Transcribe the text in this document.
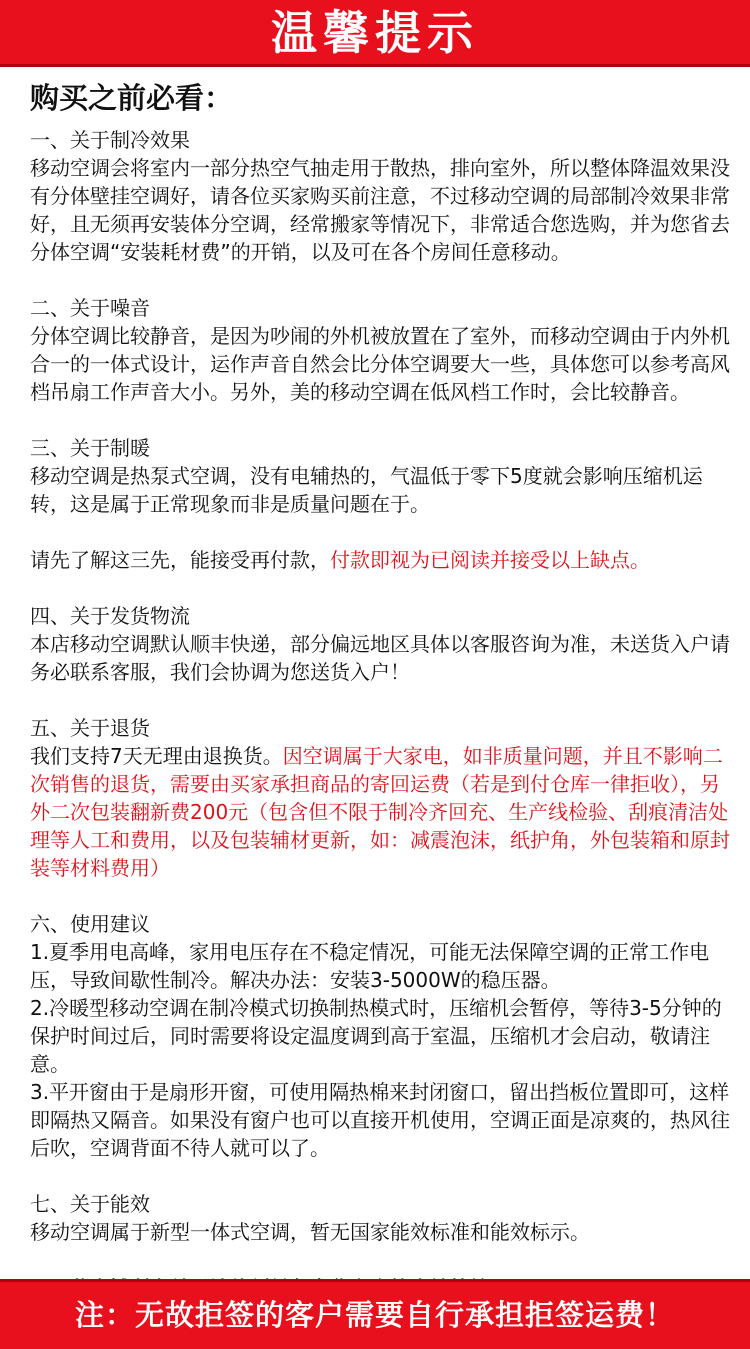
温馨提示
购买之前必看：

一、关于制冷效果

移动空调会将室内一部分热空气抽走用于散热，排向室外，所以整体降温效果没有分体壁挂空调好，请各位买家购买前注意，不过移动空调的局部制冷效果非常好，且无须再安装体分空调，经常搬家等情况下，非常适合您选购，并为您省去分体空调“安装耗材费”的开销，以及可在各个房间任意移动。

二、关于噪音

分体空调比较静音，是因为吵闹的外机被放置在了室外，而移动空调由于内外机合一的一体式设计，运作声音自然会比分体空调要大一些，具体您可以参考高风档吊扇工作声音大小。另外，美的移动空调在低风档工作时，会比较静音。

三、关于制暖

移动空调是热泵式空调，没有电辅热的，气温低于零下5度就会影响压缩机运转，这是属于正常现象而非是质量问题在于。

请先了解这三先，能接受再付款，付款即视为已阅读并接受以上缺点。

四、关于发货物流

本店移动空调默认顺丰快递，部分偏远地区具体以客服咨询为准，未送货入户请务必联系客服，我们会协调为您送货入户！

五、关于退货

我们支持7天无理由退换货。因空调属于大家电，如非质量问题，并且不影响二次销售的退货，需要由买家承担商品的寄回运费（若是到付仓库一律拒收），另外二次包装翻新费200元（包含但不限于制冷齐回充、生产线检验、刮痕清洁处理等人工和费用，以及包装辅材更新，如：减震泡沫，纸护角，外包装箱和原封装等材料费用）

六、使用建议

1.夏季用电高峰，家用电压存在不稳定情况，可能无法保障空调的正常工作电压，导致间歇性制冷。解决办法：安装3-5000W的稳压器。

2.冷暖型移动空调在制冷模式切换制热模式时，压缩机会暂停，等待3-5分钟的保护时间过后，同时需要将设定温度调到高于室温，压缩机才会启动，敬请注意。

3.平开窗由于是扇形开窗，可使用隔热棉来封闭窗口，留出挡板位置即可，这样即隔热又隔音。如果没有窗户也可以直接开机使用，空调正面是凉爽的，热风往后吹，空调背面不待人就可以了。

七、关于能效

移动空调属于新型一体式空调，暂无国家能效标准和能效标示。

注：无故拒签的客户需要自行承担拒签运费！
